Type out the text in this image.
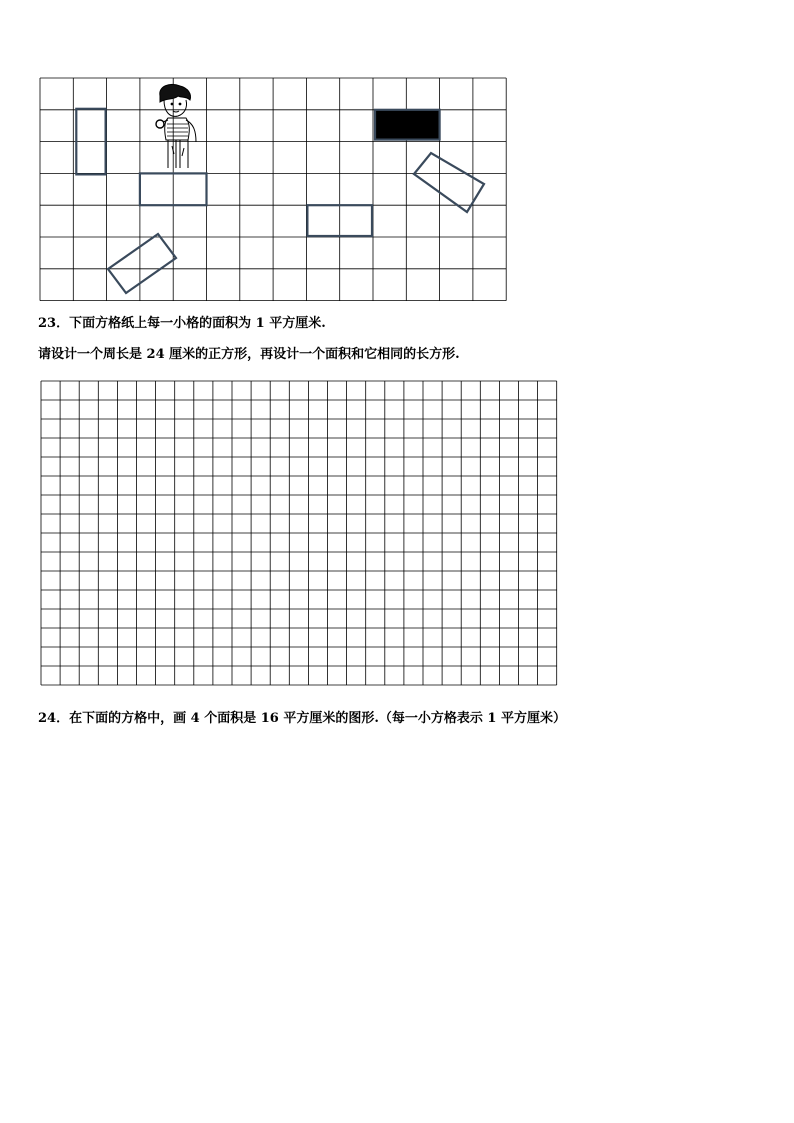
23．下面方格纸上每一小格的面积为 1 平方厘米.
请设计一个周长是 24 厘米的正方形，再设计一个面积和它相同的长方形.
24．在下面的方格中，画 4 个面积是 16 平方厘米的图形.（每一小方格表示 1 平方厘米）
